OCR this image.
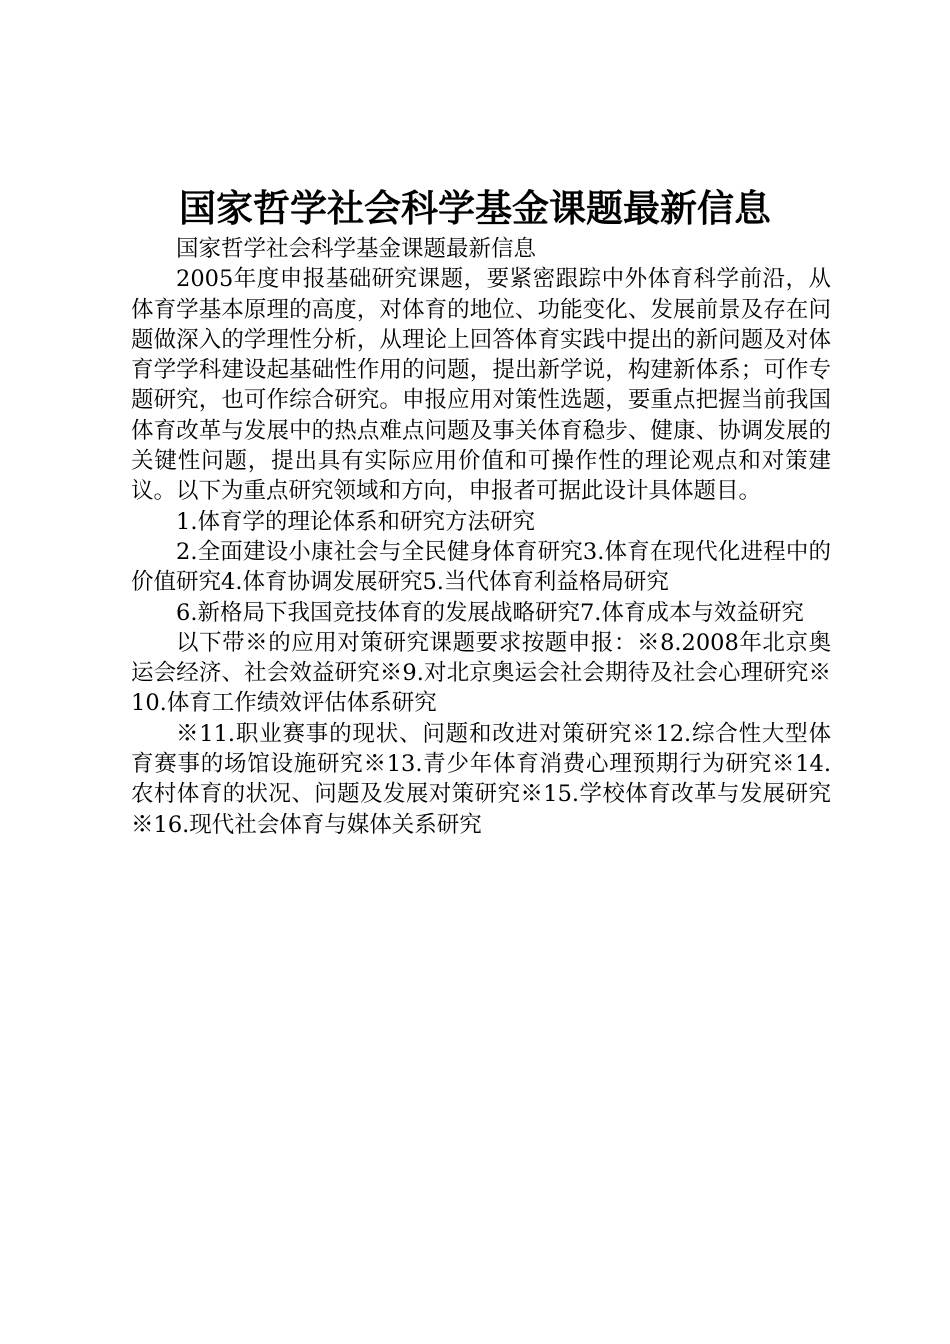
国家哲学社会科学基金课题最新信息

国家哲学社会科学基金课题最新信息

2005年度申报基础研究课题，要紧密跟踪中外体育科学前沿，从体育学基本原理的高度，对体育的地位、功能变化、发展前景及存在问题做深入的学理性分析，从理论上回答体育实践中提出的新问题及对体育学学科建设起基础性作用的问题，提出新学说，构建新体系；可作专题研究，也可作综合研究。申报应用对策性选题，要重点把握当前我国体育改革与发展中的热点难点问题及事关体育稳步、健康、协调发展的关键性问题，提出具有实际应用价值和可操作性的理论观点和对策建议。以下为重点研究领域和方向，申报者可据此设计具体题目。

1.体育学的理论体系和研究方法研究

2.全面建设小康社会与全民健身体育研究3.体育在现代化进程中的价值研究4.体育协调发展研究5.当代体育利益格局研究

6.新格局下我国竞技体育的发展战略研究7.体育成本与效益研究

以下带※的应用对策研究课题要求按题申报：※8.2008年北京奥运会经济、社会效益研究※9.对北京奥运会社会期待及社会心理研究※10.体育工作绩效评估体系研究

※11.职业赛事的现状、问题和改进对策研究※12.综合性大型体育赛事的场馆设施研究※13.青少年体育消费心理预期行为研究※14.农村体育的状况、问题及发展对策研究※15.学校体育改革与发展研究※16.现代社会体育与媒体关系研究
